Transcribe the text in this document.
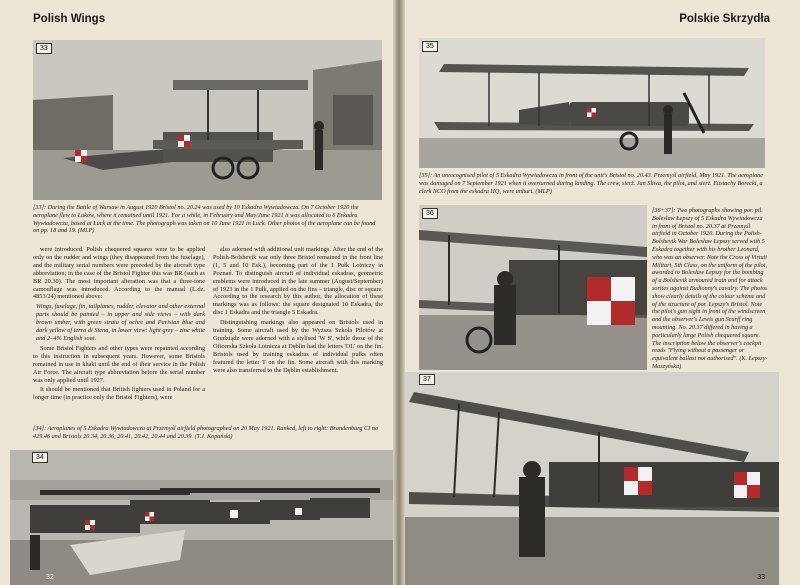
Polish Wings
33
[33]: During the Battle of Warsaw in August 1920 Bristol no. 20.24 was used by 10 Eskadra Wywiadowcza. On 7 October 1920 the aeroplane flew to Łuków, where it remained until 1921. For a while, in February and May/June 1921 it was allocated to 6 Eskadra Wywiadowcza, based at Łuck at the time. The photograph was taken on 10 June 1921 in Łuck. Other photos of the aeroplane can be found on pp. 18 and 19. (MLP)

were introduced. Polish chequered squares were to be applied only on the rudder and wings (they disappeared from the fuselage), and the military serial numbers were preceded by the aircraft type abbreviation; in the case of the Bristol Fighter this was BR (such as BR 20.30). The most important alteration was that a three-tone camouflage was introduced. According to the manual (L.dz. 4853/24) mentioned above:

Wings, fuselage, fin, tailplanes, rudder, elevator and other external parts should be painted – in upper and side views – with dark brown umber, with green strata of ochre and Parisian blue and dark yellow of terra di Siena, in lower view: light grey – zinc white and 2–4% English soot.

Some Bristol Fighters and other types were repainted according to this instruction in subsequent years. However, some Bristols remained in use in khaki until the end of their service in the Polish Air Force. The aircraft type abbreviation before the serial number was only applied until 1927.

It should be mentioned that British fighters used in Poland for a longer time (in practice only the Bristol Fighters), were

also adorned with additional unit markings. After the end of the Polish-Bolshevik war only three Bristol remained in the front line (1, 5 and 10 Esk.), becoming part of the 1 Pułk Lotniczy in Poznań. To distinguish aircraft of individual eskadras, geometric emblems were introduced in the late summer (August/September) of 1923 in the 1 Pułk, applied on the fins – triangle, disc or square. According to the research by this author, the allocation of these markings was as follows: the square designated 10 Eskadra, the disc 1 Eskadra and the triangle 5 Eskadra.

Distinguishing markings also appeared on Bristols used in training. Some aircraft used by the Wyższa Szkoła Pilotów at Grudziądz were adorned with a stylised 'W S', while those of the Oficerska Szkoła Lotnicza at Dęblin had the letters 'OL' on the fin. Bristols used by training eskadras of individual pułks often featured the letter T on the fin. Some aircraft with this marking were also transferred to the Dęblin establishment.

[34]: Aeroplanes of 5 Eskadra Wywiadowcza at Przemyśl airfield photographed on 20 May 1921. Ranked, left to right: Brandenburg CI no 429.46 and Bristols 20.34, 20.36, 20.41, 20.42, 20.44 and 20.39. (T.J. Kopański)
34
32
Polskie Skrzydła
35
[35]: An unrecognised pilot of 5 Eskadra Wywiadowcza in front of the unit's Bristol no. 20.43. Przemyśl airfield, May 1921. The aeroplane was damaged on 7 September 1921 when it overturned during landing. The crew, sierż. Jan Sliwa, the pilot, and sierż. Eustachy Borecki, a clerk NCO from the eskadra HQ, were unhurt. (MLP)
36	[36+37]: Two photographs showing por. pil. Bolesław Łepszy of 5 Eskadra Wywiadowcza in front of Bristol no. 20.37 at Przemyśl airfield in October 1920. During the Polish-Bolshevik War Bolesław Łepszy served with 5 Eskadra together with his brother Leonard, who was an observer. Note the Cross of Virtuti Militari, 5th Class, on the uniform of the pilot, awarded to Bolesław Łepszy for the bombing of a Bolshevik armoured train and for attack sorties against Budionny's cavalry. The photos show clearly details of the colour scheme and of the structure of por. Łepszy's Bristol. Note the pilot's gun sight in front of the windscreen and the observer's Lewis gun Scarff ring mounting. No. 20.37 differed in having a particularly large Polish chequered square. The inscription below the observer's cockpit reads "Flying without a passenger or equivalent ballast not authorised". (K. Łepszy-Muszyńska)
37
33
